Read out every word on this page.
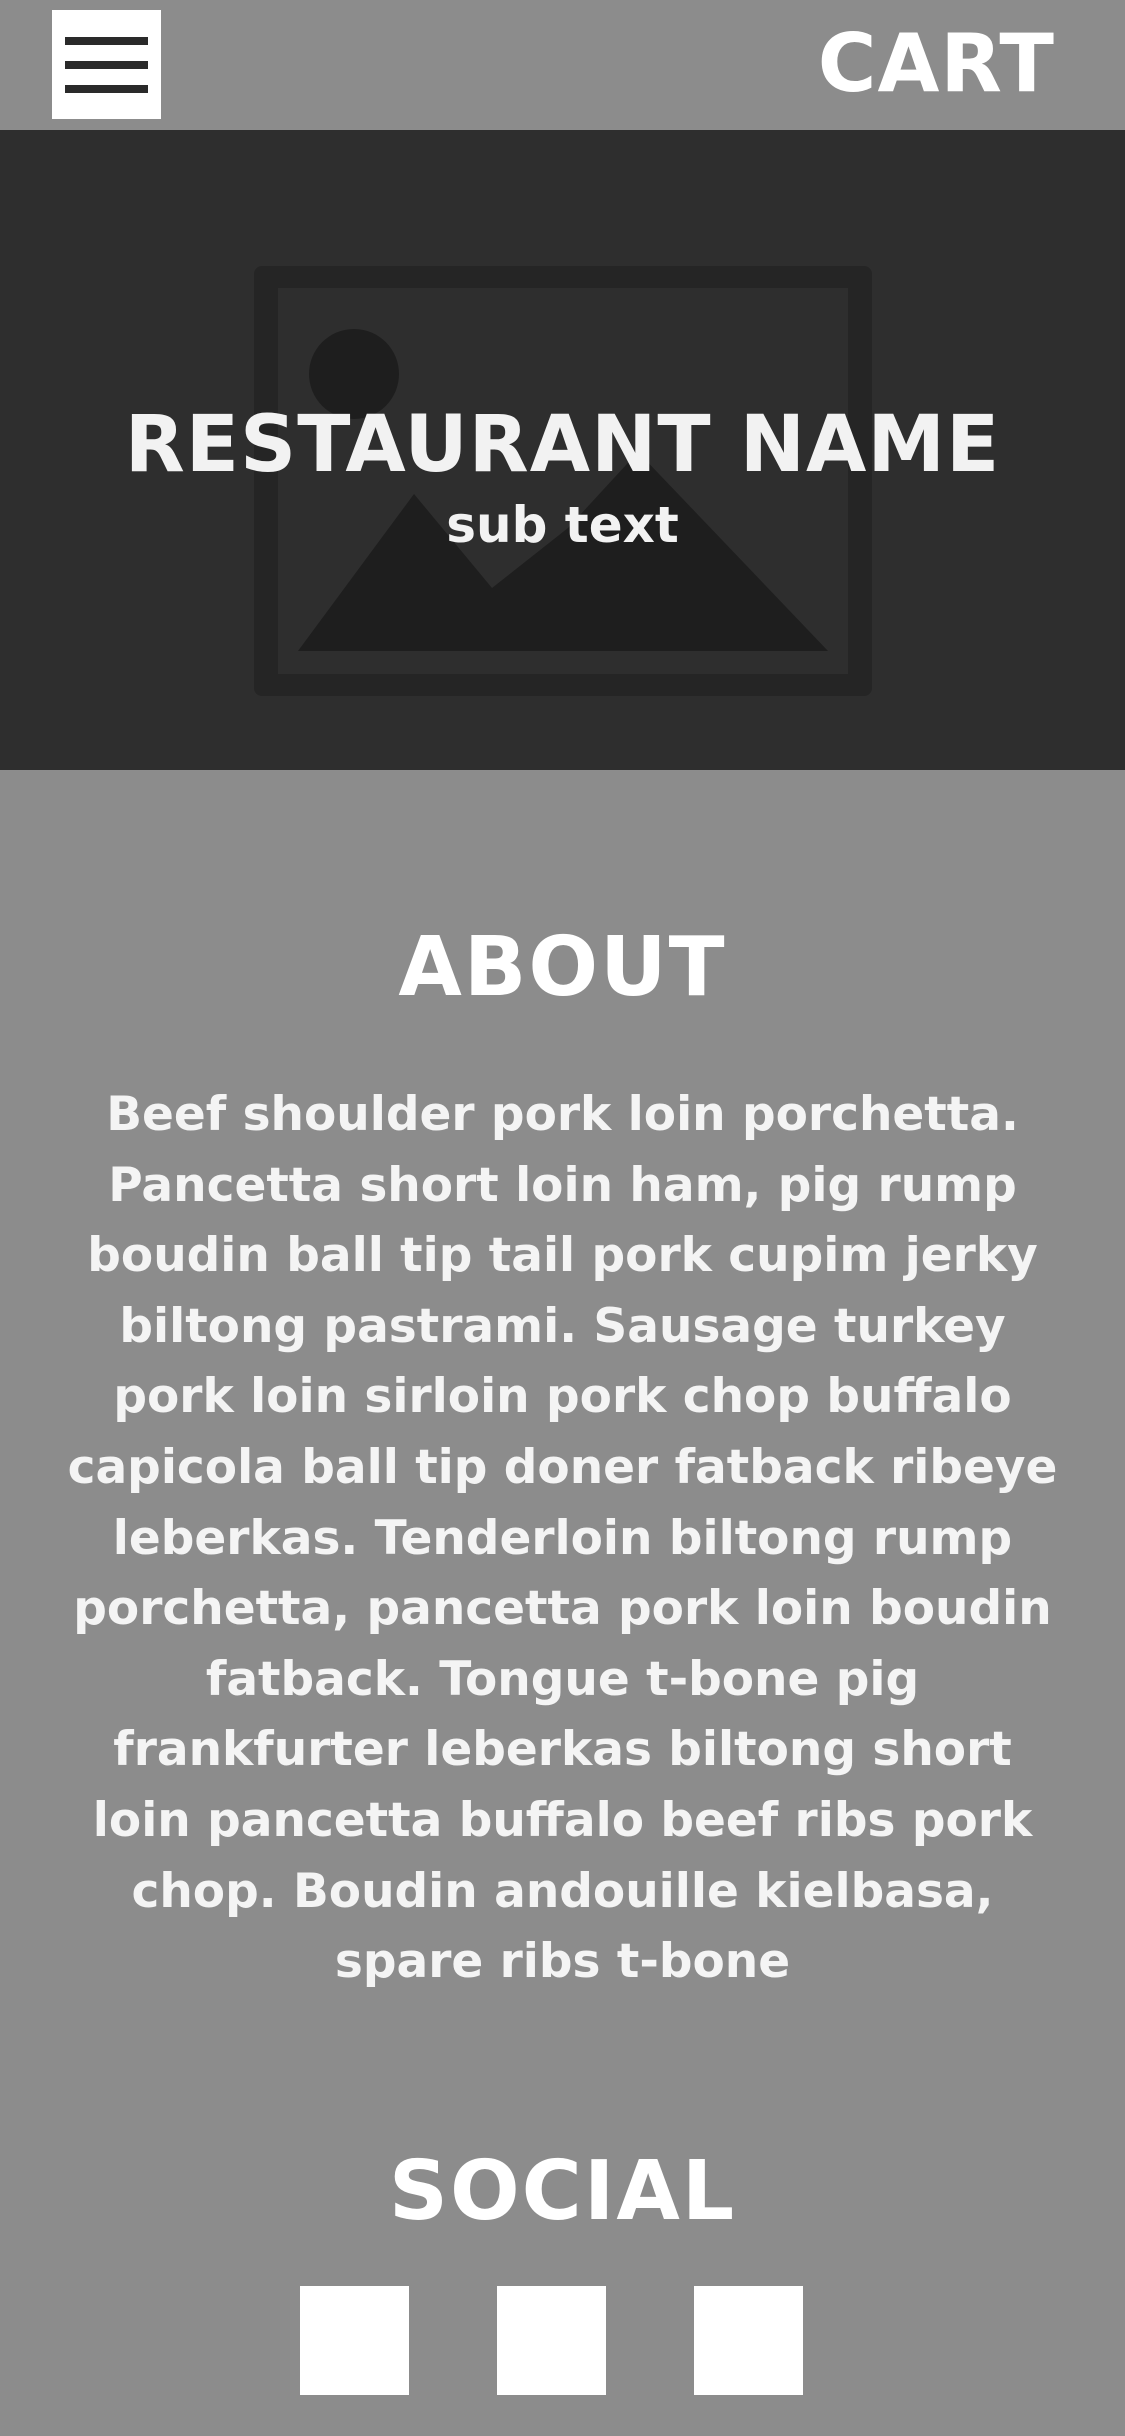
CART
RESTAURANT NAME
sub text
ABOUT
Beef shoulder pork loin porchetta. Pancetta short loin ham, pig rump boudin ball tip tail pork cupim jerky biltong pastrami. Sausage turkey pork loin sirloin pork chop buffalo capicola ball tip doner fatback ribeye leberkas. Tenderloin biltong rump porchetta, pancetta pork loin boudin fatback. Tongue t-bone pig frankfurter leberkas biltong short loin pancetta buffalo beef ribs pork chop. Boudin andouille kielbasa, spare ribs t-bone
SOCIAL
